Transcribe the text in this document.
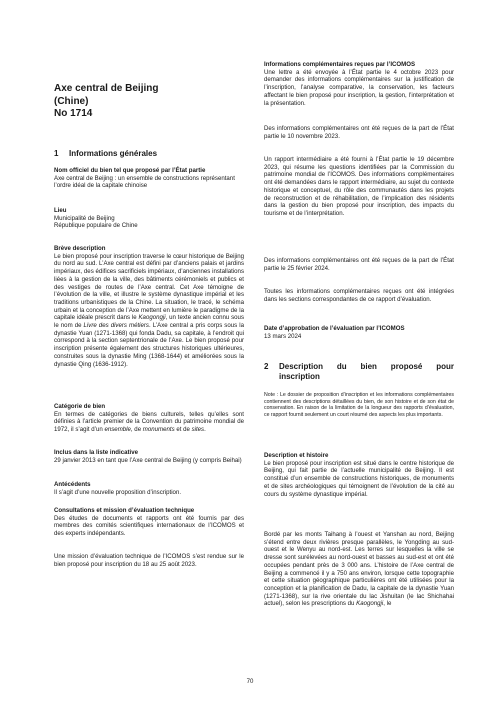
Axe central de Beijing
(Chine)
No 1714
1	Informations générales

Nom officiel du bien tel que proposé par l’État partie

Axe central de Beijing : un ensemble de constructions représentant l’ordre idéal de la capitale chinoise

Lieu

Municipalité de Beijing

République populaire de Chine

Brève description

Le bien proposé pour inscription traverse le cœur historique de Beijing du nord au sud. L’Axe central est défini par d’anciens palais et jardins impériaux, des édifices sacrificiels impériaux, d’anciennes installations liées à la gestion de la ville, des bâtiments cérémoniels et publics et des vestiges de routes de l’Axe central. Cet Axe témoigne de l’évolution de la ville, et illustre le système dynastique impérial et les traditions urbanistiques de la Chine. La situation, le tracé, le schéma urbain et la conception de l’Axe mettent en lumière le paradigme de la capitale idéale prescrit dans le Kaogongji, un texte ancien connu sous le nom de Livre des divers métiers. L’Axe central a pris corps sous la dynastie Yuan (1271-1368) qui fonda Dadu, sa capitale, à l’endroit qui correspond à la section septentrionale de l’Axe. Le bien proposé pour inscription présente également des structures historiques ultérieures, construites sous la dynastie Ming (1368-1644) et améliorées sous la dynastie Qing (1636-1912).

Catégorie de bien

En termes de catégories de biens culturels, telles qu’elles sont définies à l’article premier de la Convention du patrimoine mondial de 1972, il s’agit d’un ensemble, de monuments et de sites.

Inclus dans la liste indicative

29 janvier 2013 en tant que l’Axe central de Beijing (y compris Beihai)

Antécédents

Il s’agit d’une nouvelle proposition d’inscription.

Consultations et mission d’évaluation technique

Des études de documents et rapports ont été fournis par des membres des comités scientifiques internationaux de l’ICOMOS et des experts indépendants.

Une mission d’évaluation technique de l’ICOMOS s’est rendue sur le bien proposé pour inscription du 18 au 25 août 2023.

Informations complémentaires reçues par l’ICOMOS

Une lettre a été envoyée à l’État partie le 4 octobre 2023 pour demander des informations complémentaires sur la justification de l’inscription, l’analyse comparative, la conservation, les facteurs affectant le bien proposé pour inscription, la gestion, l’interprétation et la présentation.

Des informations complémentaires ont été reçues de la part de l’État partie le 10 novembre 2023.

Un rapport intermédiaire a été fourni à l’État partie le 19 décembre 2023, qui résume les questions identifiées par la Commission du patrimoine mondial de l’ICOMOS. Des informations complémentaires ont été demandées dans le rapport intermédiaire, au sujet du contexte historique et conceptuel, du rôle des communautés dans les projets de reconstruction et de réhabilitation, de l’implication des résidents dans la gestion du bien proposé pour inscription, des impacts du tourisme et de l’interprétation.

Des informations complémentaires ont été reçues de la part de l’État partie le 25 février 2024.

Toutes les informations complémentaires reçues ont été intégrées dans les sections correspondantes de ce rapport d’évaluation.

Date d’approbation de l’évaluation par l’ICOMOS

13 mars 2024

2	Description du bien proposé pour
inscription

Note : Le dossier de proposition d’inscription et les informations complémentaires contiennent des descriptions détaillées du bien, de son histoire et de son état de conservation. En raison de la limitation de la longueur des rapports d’évaluation, ce rapport fournit seulement un court résumé des aspects les plus importants.

Description et histoire

Le bien proposé pour inscription est situé dans le centre historique de Beijing, qui fait partie de l’actuelle municipalité de Beijing. Il est constitué d’un ensemble de constructions historiques, de monuments et de sites archéologiques qui témoignent de l’évolution de la cité au cours du système dynastique impérial.

Bordé par les monts Taihang à l’ouest et Yanshan au nord, Beijing s’étend entre deux rivières presque parallèles, le Yongding au sud-ouest et le Wenyu au nord-est. Les terres sur lesquelles la ville se dresse sont surélevées au nord-ouest et basses au sud-est et ont été occupées pendant près de 3 000 ans. L’histoire de l’Axe central de Beijing a commencé il y a 750 ans environ, lorsque cette topographie et cette situation géographique particulières ont été utilisées pour la conception et la planification de Dadu, la capitale de la dynastie Yuan (1271-1368), sur la rive orientale du lac Jishuitan (le lac Shichahai actuel), selon les prescriptions du Kaogongji, le

70
